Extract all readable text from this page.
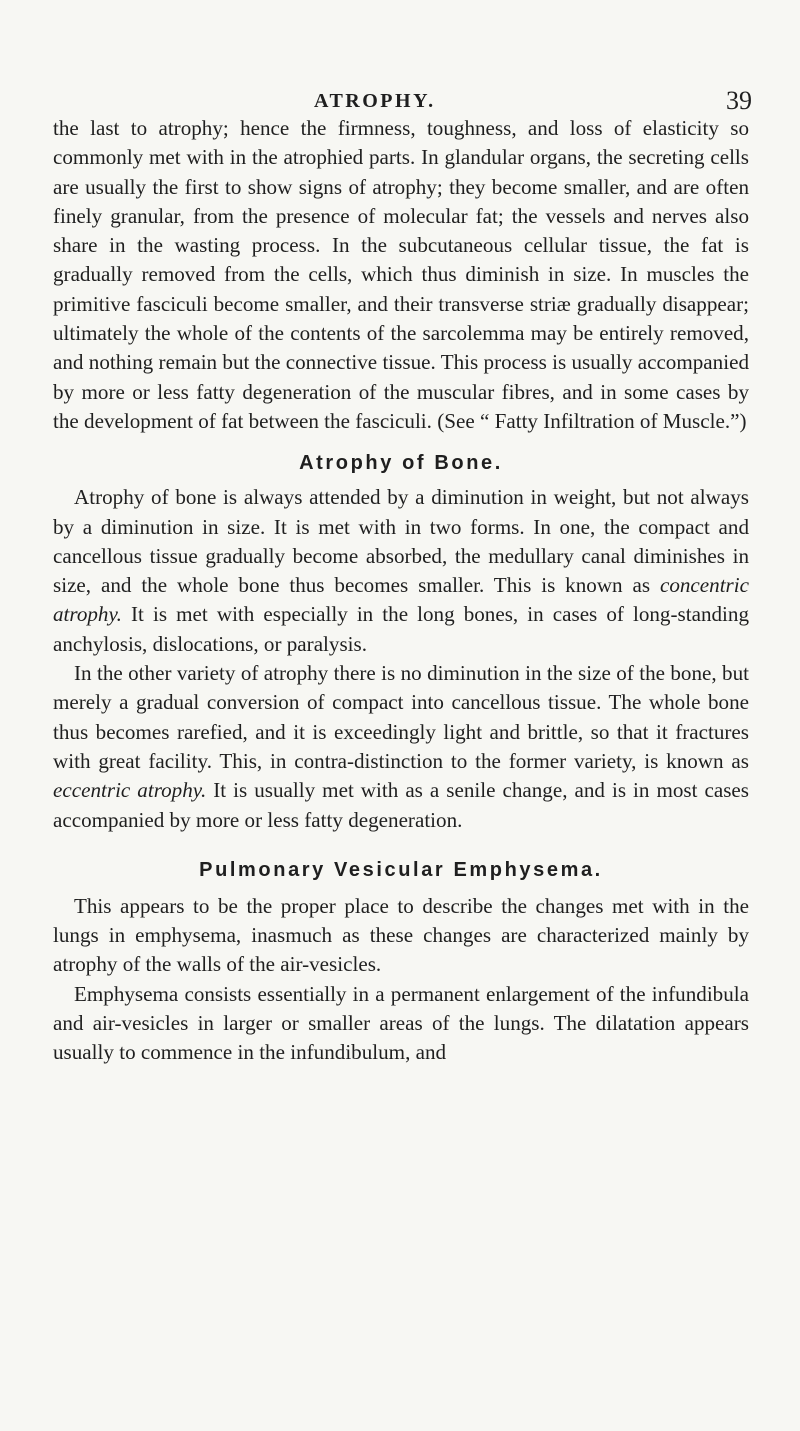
ATROPHY.	39

the last to atrophy; hence the firmness, toughness, and loss of elasticity so commonly met with in the atrophied parts. In glandular organs, the secreting cells are usually the first to show signs of atrophy; they become smaller, and are often finely granular, from the presence of molecular fat; the vessels and nerves also share in the wasting process. In the subcutaneous cellular tissue, the fat is gradually removed from the cells, which thus diminish in size. In muscles the primitive fasciculi become smaller, and their transverse striæ gradually disappear; ultimately the whole of the contents of the sarcolemma may be entirely removed, and nothing remain but the connective tissue. This process is usually accompanied by more or less fatty degeneration of the muscular fibres, and in some cases by the development of fat between the fasciculi. (See “ Fatty Infiltration of Muscle.”)

Atrophy of Bone.

Atrophy of bone is always attended by a diminution in weight, but not always by a diminution in size. It is met with in two forms. In one, the compact and cancellous tissue gradually become absorbed, the medullary canal diminishes in size, and the whole bone thus becomes smaller. This is known as concentric atrophy. It is met with especially in the long bones, in cases of long-standing anchylosis, dislocations, or paralysis.

In the other variety of atrophy there is no diminution in the size of the bone, but merely a gradual conversion of compact into cancellous tissue. The whole bone thus becomes rarefied, and it is exceedingly light and brittle, so that it fractures with great facility. This, in contra-distinction to the former variety, is known as eccentric atrophy. It is usually met with as a senile change, and is in most cases accompanied by more or less fatty degeneration.

Pulmonary Vesicular Emphysema.

This appears to be the proper place to describe the changes met with in the lungs in emphysema, inasmuch as these changes are characterized mainly by atrophy of the walls of the air-vesicles.

Emphysema consists essentially in a permanent enlargement of the infundibula and air-vesicles in larger or smaller areas of the lungs. The dilatation appears usually to commence in the infundibulum, and
